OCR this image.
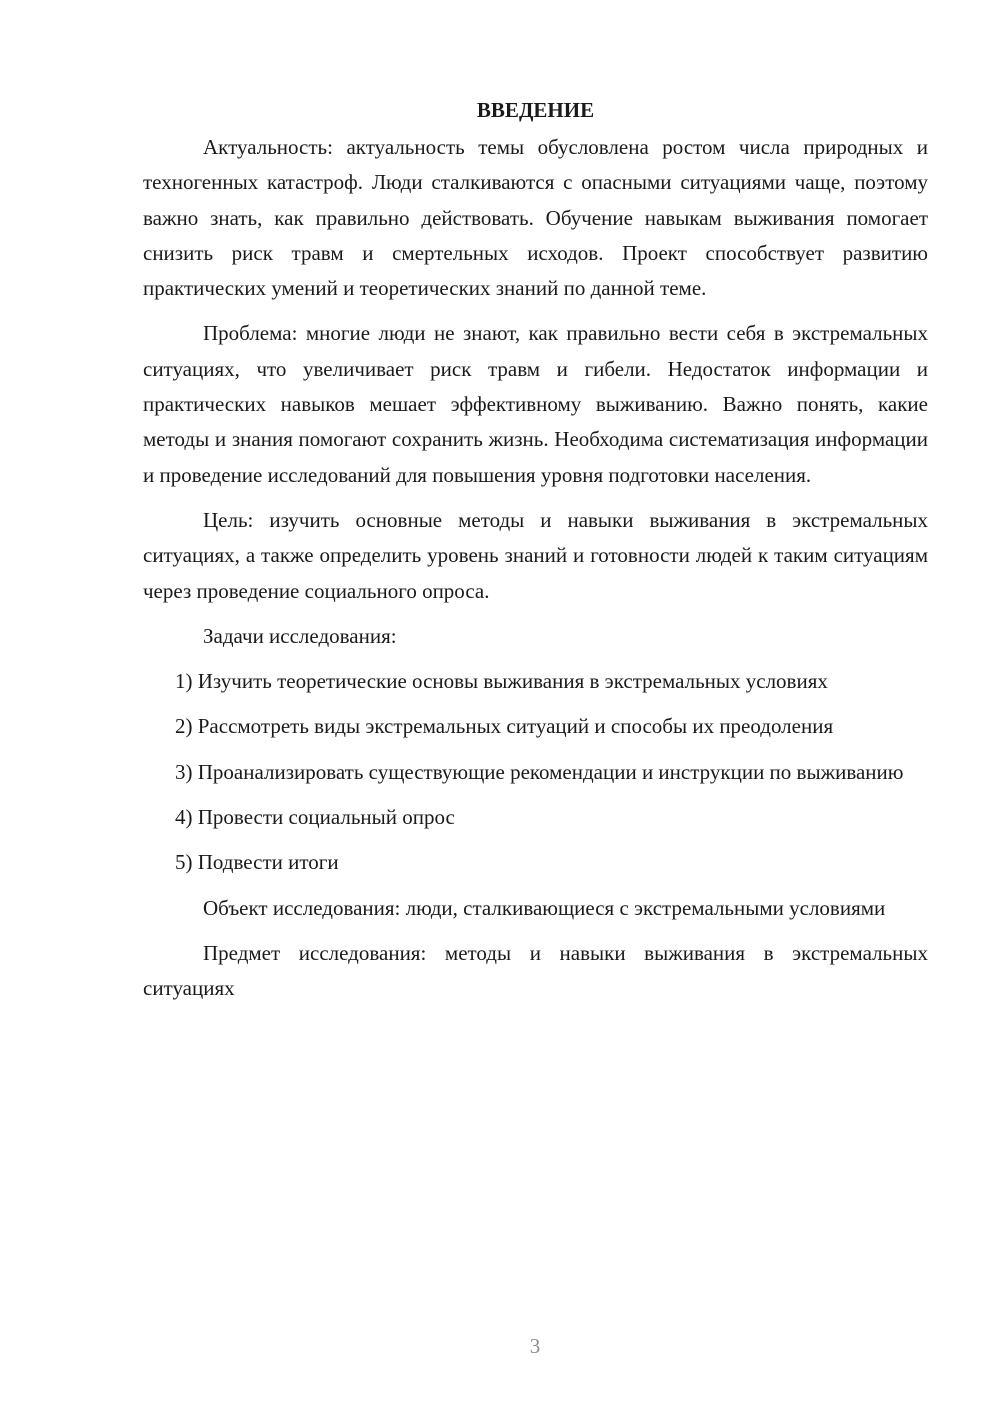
ВВЕДЕНИЕ

Актуальность: актуальность темы обусловлена ростом числа природных и техногенных катастроф. Люди сталкиваются с опасными ситуациями чаще, поэтому важно знать, как правильно действовать. Обучение навыкам выживания помогает снизить риск травм и смертельных исходов. Проект способствует развитию практических умений и теоретических знаний по данной теме.

Проблема: многие люди не знают, как правильно вести себя в экстремальных ситуациях, что увеличивает риск травм и гибели. Недостаток информации и практических навыков мешает эффективному выживанию. Важно понять, какие методы и знания помогают сохранить жизнь. Необходима систематизация информации и проведение исследований для повышения уровня подготовки населения.

Цель: изучить основные методы и навыки выживания в экстремальных ситуациях, а также определить уровень знаний и готовности людей к таким ситуациям через проведение социального опроса.

Задачи исследования:

1) Изучить теоретические основы выживания в экстремальных условиях

2) Рассмотреть виды экстремальных ситуаций и способы их преодоления

3) Проанализировать существующие рекомендации и инструкции по выживанию

4) Провести социальный опрос

5) Подвести итоги

Объект исследования: люди, сталкивающиеся с экстремальными условиями

Предмет исследования: методы и навыки выживания в экстремальных ситуациях

3
